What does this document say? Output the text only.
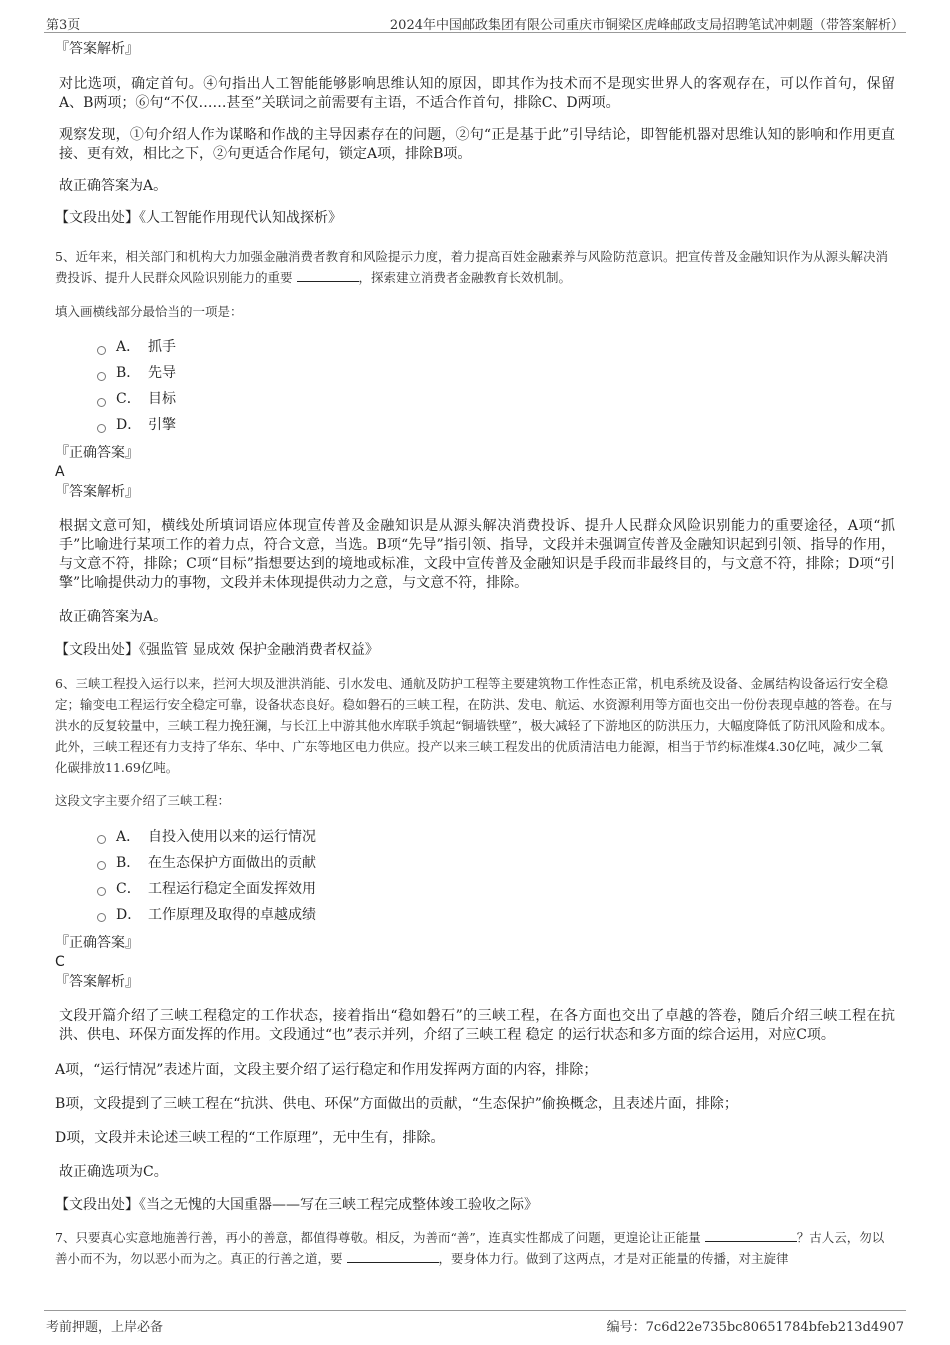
第3页	2024年中国邮政集团有限公司重庆市铜梁区虎峰邮政支局招聘笔试冲刺题（带答案解析）
『答案解析』

对比选项，确定首句。④句指出人工智能能够影响思维认知的原因，即其作为技术而不是现实世界人的客观存在，可以作首句，保留A、B两项；⑥句“不仅……甚至”关联词之前需要有主语，不适合作首句，排除C、D两项。

观察发现，①句介绍人作为谋略和作战的主导因素存在的问题，②句“正是基于此”引导结论，即智能机器对思维认知的影响和作用更直接、更有效，相比之下，②句更适合作尾句，锁定A项，排除B项。

故正确答案为A。

【文段出处】《人工智能作用现代认知战探析》

5、近年来，相关部门和机构大力加强金融消费者教育和风险提示力度，着力提高百姓金融素养与风险防范意识。把宣传普及金融知识作为从源头解决消费投诉、提升人民群众风险识别能力的重要	，探索建立消费者金融教育长效机制。

填入画横线部分最恰当的一项是：

A． 抓手
B． 先导
C． 目标
D． 引擎
『正确答案』
A
『答案解析』

根据文意可知，横线处所填词语应体现宣传普及金融知识是从源头解决消费投诉、提升人民群众风险识别能力的重要途径，A项“抓手”比喻进行某项工作的着力点，符合文意，当选。B项“先导”指引领、指导，文段并未强调宣传普及金融知识起到引领、指导的作用，与文意不符，排除；C项“目标”指想要达到的境地或标准，文段中宣传普及金融知识是手段而非最终目的，与文意不符，排除；D项“引擎”比喻提供动力的事物，文段并未体现提供动力之意，与文意不符，排除。

故正确答案为A。

【文段出处】《强监管 显成效 保护金融消费者权益》

6、三峡工程投入运行以来，拦河大坝及泄洪消能、引水发电、通航及防护工程等主要建筑物工作性态正常，机电系统及设备、金属结构设备运行安全稳定；输变电工程运行安全稳定可靠，设备状态良好。稳如磐石的三峡工程，在防洪、发电、航运、水资源利用等方面也交出一份份表现卓越的答卷。在与洪水的反复较量中，三峡工程力挽狂澜，与长江上中游其他水库联手筑起“铜墙铁壁”，极大减轻了下游地区的防洪压力，大幅度降低了防汛风险和成本。此外，三峡工程还有力支持了华东、华中、广东等地区电力供应。投产以来三峡工程发出的优质清洁电力能源，相当于节约标准煤4.30亿吨，减少二氧化碳排放11.69亿吨。

这段文字主要介绍了三峡工程：

A． 自投入使用以来的运行情况
B． 在生态保护方面做出的贡献
C． 工程运行稳定全面发挥效用
D． 工作原理及取得的卓越成绩
『正确答案』
C
『答案解析』

文段开篇介绍了三峡工程稳定的工作状态，接着指出“稳如磐石”的三峡工程，在各方面也交出了卓越的答卷，随后介绍三峡工程在抗洪、供电、环保方面发挥的作用。文段通过“也”表示并列，介绍了三峡工程 稳定 的运行状态和多方面的综合运用，对应C项。

A项，“运行情况”表述片面，文段主要介绍了运行稳定和作用发挥两方面的内容，排除；

B项，文段提到了三峡工程在“抗洪、供电、环保”方面做出的贡献，“生态保护”偷换概念，且表述片面，排除；

D项，文段并未论述三峡工程的“工作原理”，无中生有，排除。

故正确选项为C。

【文段出处】《当之无愧的大国重器——写在三峡工程完成整体竣工验收之际》

7、只要真心实意地施善行善，再小的善意，都值得尊敬。相反，为善而“善”，连真实性都成了问题，更遑论让正能量	？古人云，勿以善小而不为，勿以恶小而为之。真正的行善之道，要	，要身体力行。做到了这两点，才是对正能量的传播，对主旋律

考前押题，上岸必备	编号：7c6d22e735bc80651784bfeb213d4907
